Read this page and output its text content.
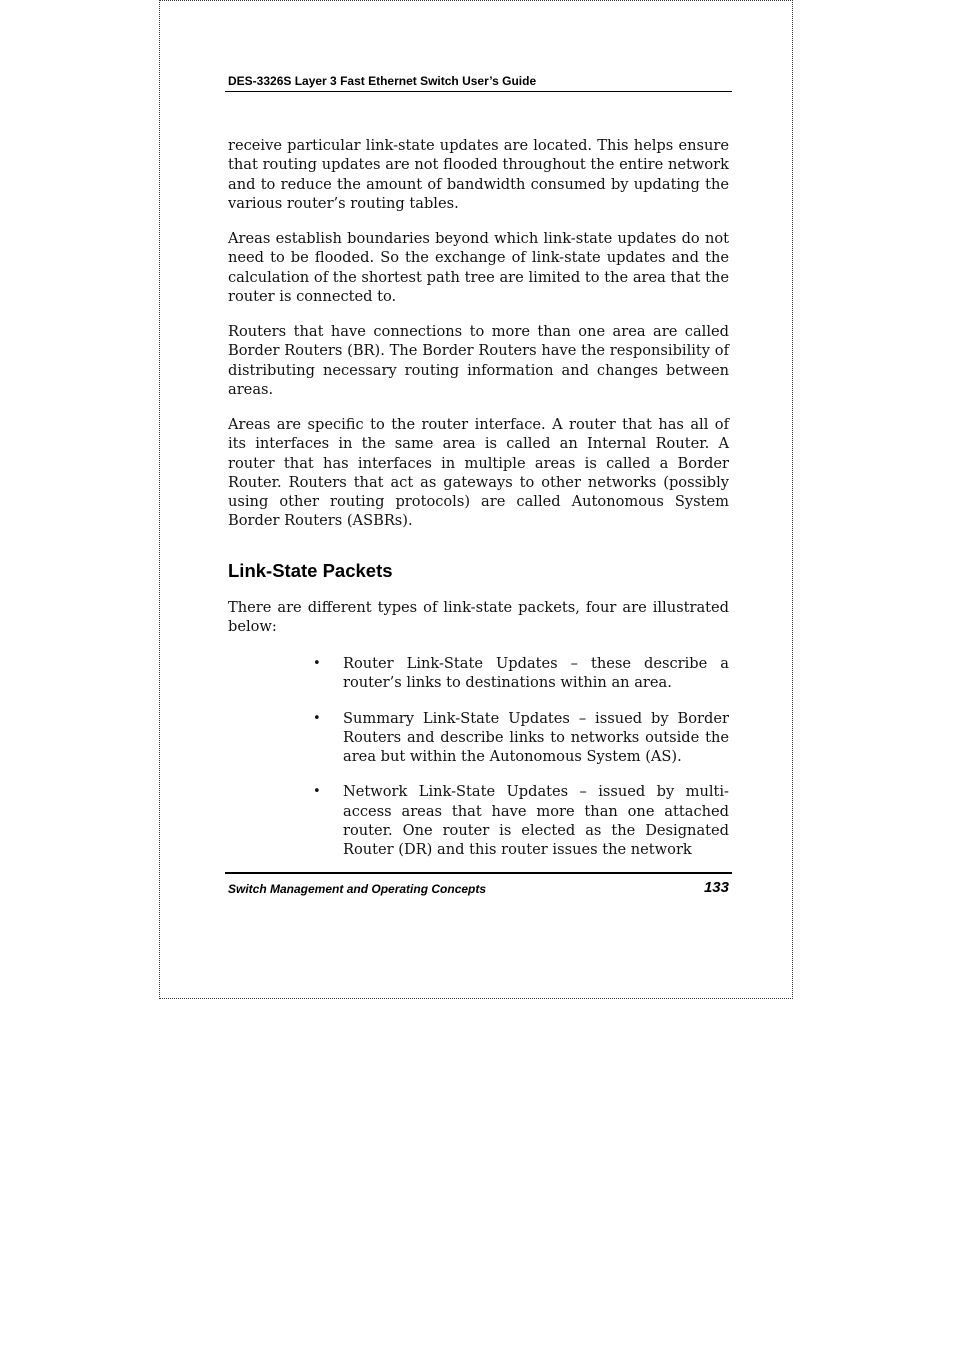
DES-3326S Layer 3 Fast Ethernet Switch User’s Guide

receive particular link-state updates are located. This helps ensure that routing updates are not flooded throughout the entire network and to reduce the amount of bandwidth consumed by updating the various router’s routing tables.

Areas establish boundaries beyond which link-state updates do not need to be flooded. So the exchange of link-state updates and the calculation of the shortest path tree are limited to the area that the router is connected to.

Routers that have connections to more than one area are called Border Routers (BR). The Border Routers have the responsibility of distributing necessary routing information and changes between areas.

Areas are specific to the router interface. A router that has all of its interfaces in the same area is called an Internal Router. A router that has interfaces in multiple areas is called a Border Router. Routers that act as gateways to other networks (possibly using other routing protocols) are called Autonomous System Border Routers (ASBRs).

Link-State Packets

There are different types of link-state packets, four are illustrated below:

• Router Link-State Updates – these describe a router’s links to destinations within an area.
• Summary Link-State Updates – issued by Border Routers and describe links to networks outside the area but within the Autonomous System (AS).
• Network Link-State Updates – issued by multi-access areas that have more than one attached router. One router is elected as the Designated Router (DR) and this router issues the network
Switch Management and Operating Concepts	133
